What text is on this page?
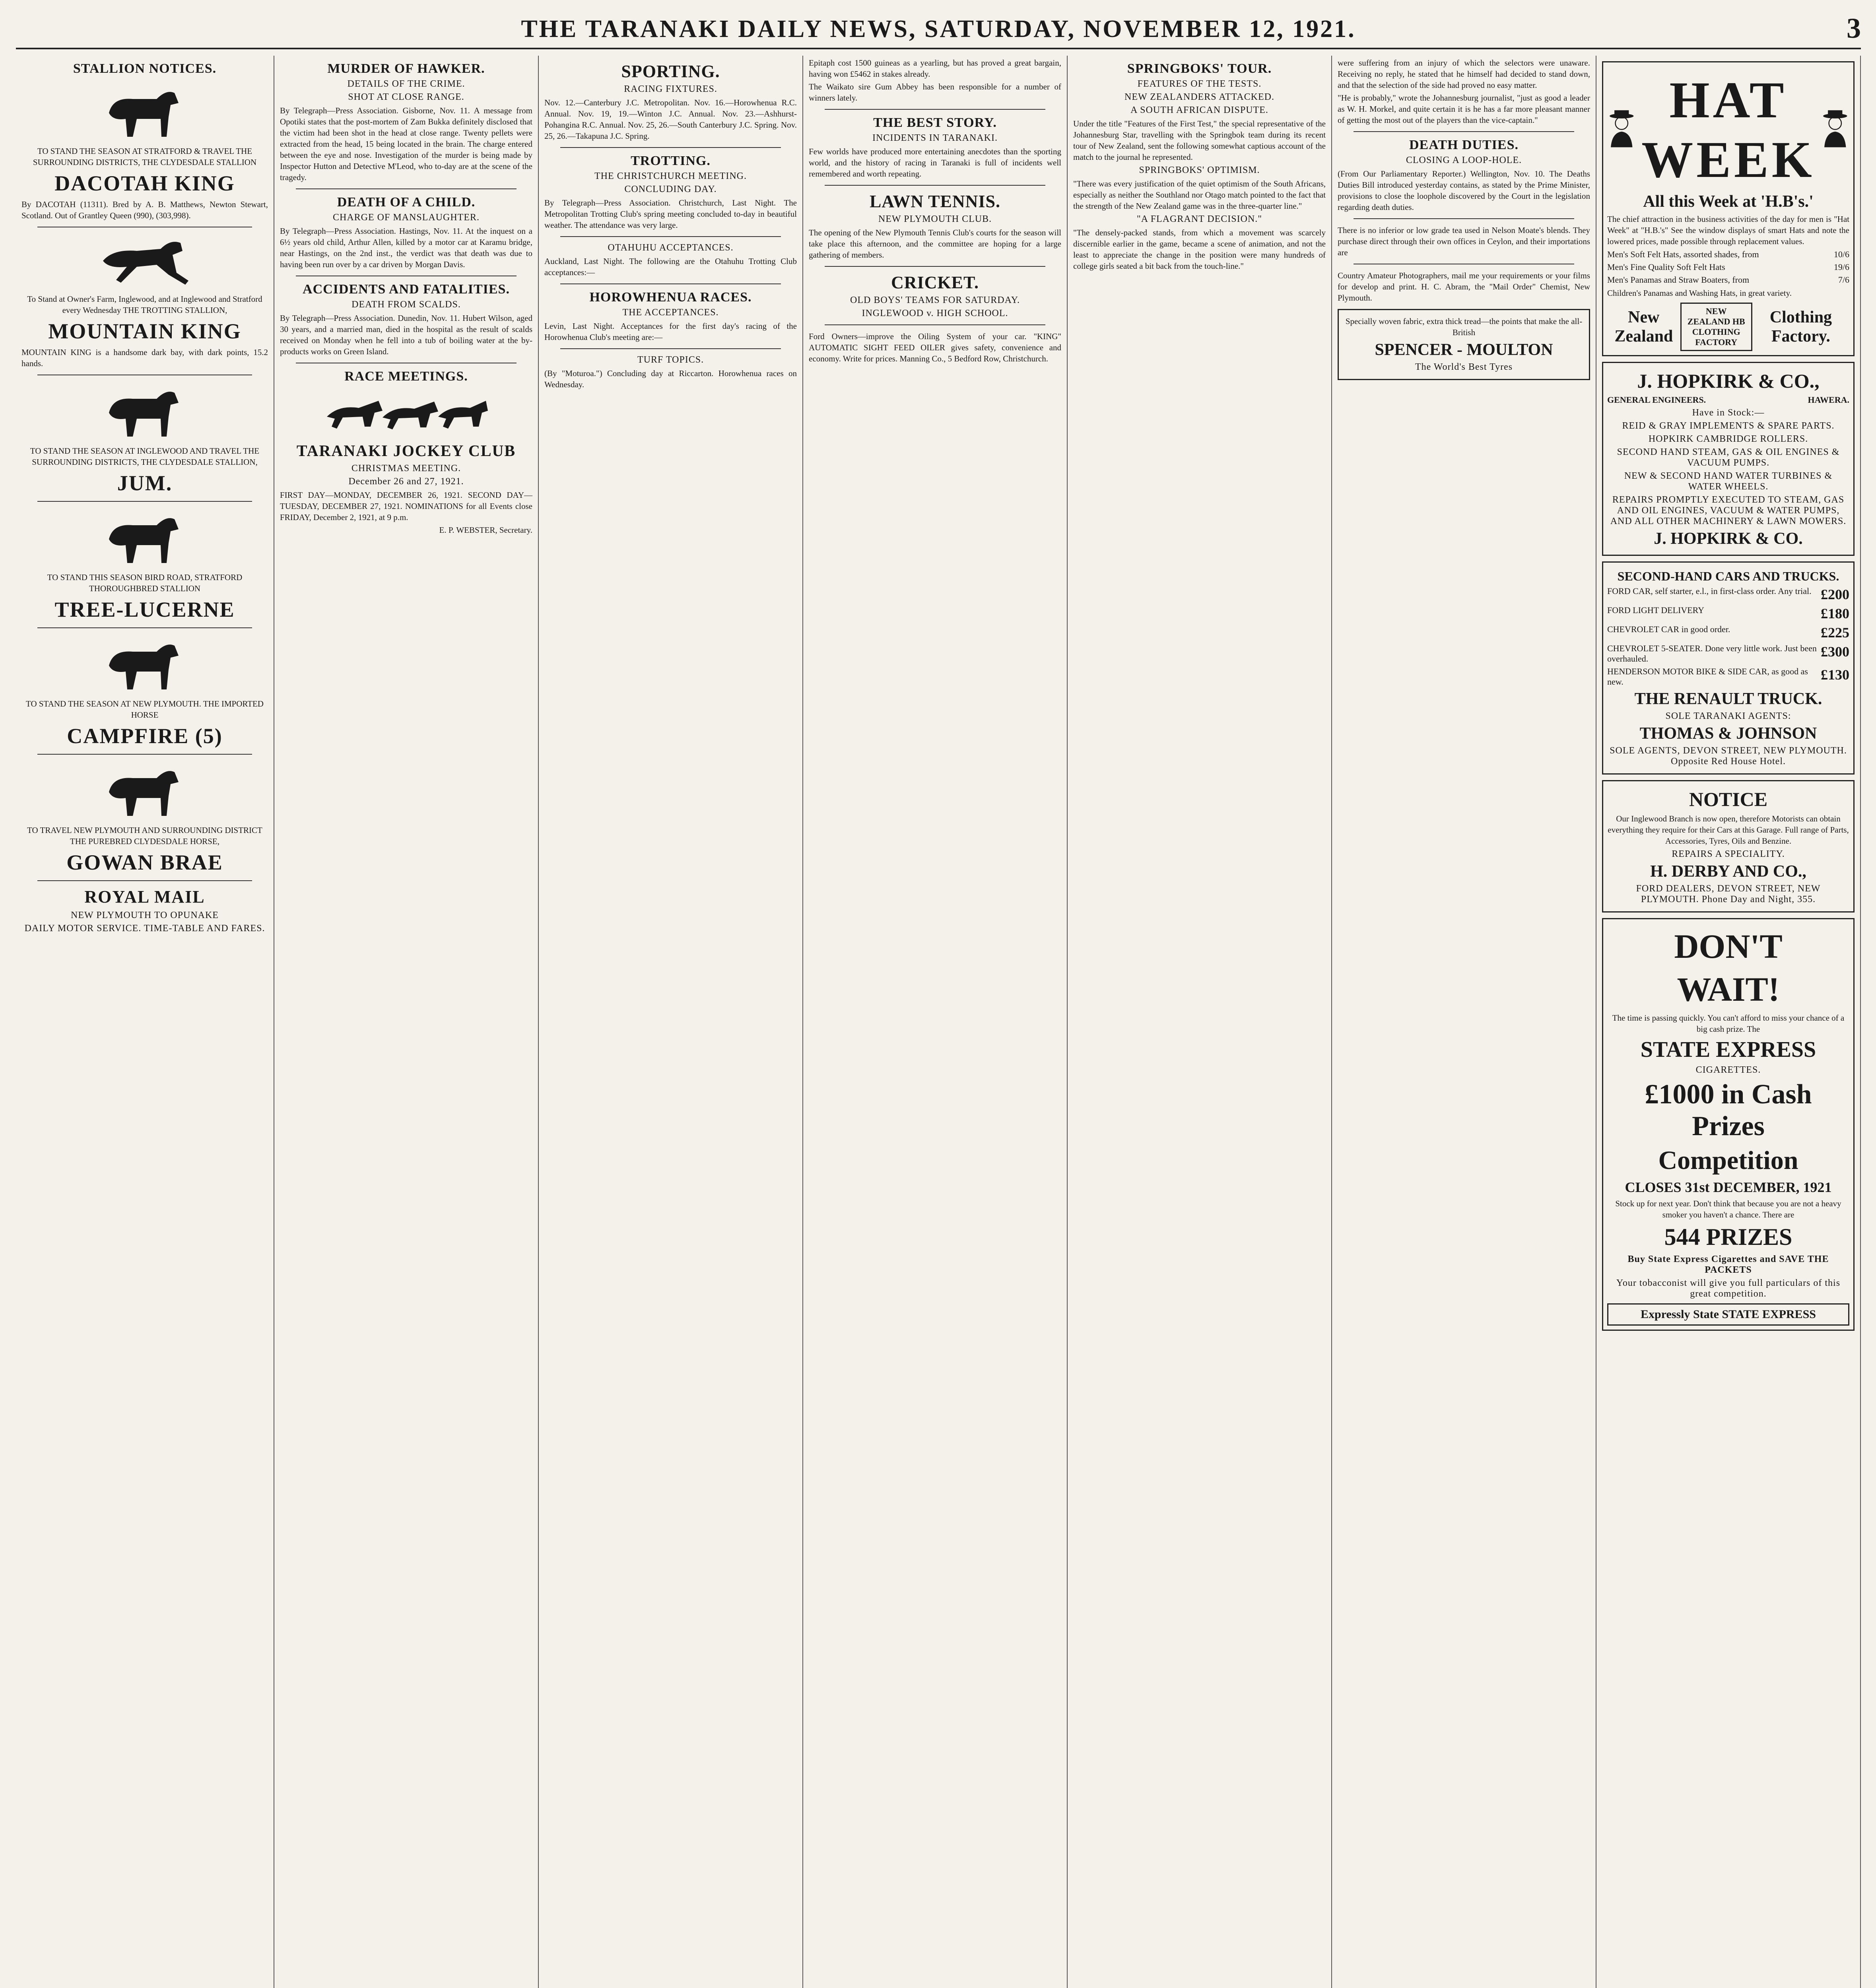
THE TARANAKI DAILY NEWS, SATURDAY, NOVEMBER 12, 1921.	3
STALLION NOTICES.
TO STAND THE SEASON AT STRATFORD & TRAVEL THE SURROUNDING DISTRICTS, THE CLYDESDALE STALLION
DACOTAH KING
By DACOTAH (11311). Bred by A. B. Matthews, Newton Stewart, Scotland. Out of Grantley Queen (990), (303,998).
To Stand at Owner's Farm, Inglewood, and at Inglewood and Stratford every Wednesday THE TROTTING STALLION,
MOUNTAIN KING
MOUNTAIN KING is a handsome dark bay, with dark points, 15.2 hands.
TO STAND THE SEASON AT INGLEWOOD AND TRAVEL THE SURROUNDING DISTRICTS, THE CLYDESDALE STALLION,
JUM.
TO STAND THIS SEASON BIRD ROAD, STRATFORD THOROUGHBRED STALLION
TREE-LUCERNE
TO STAND THE SEASON AT NEW PLYMOUTH. THE IMPORTED HORSE
CAMPFIRE (5)
TO TRAVEL NEW PLYMOUTH AND SURROUNDING DISTRICT THE PUREBRED CLYDESDALE HORSE,
GOWAN BRAE
ROYAL MAIL
NEW PLYMOUTH TO OPUNAKE
DAILY MOTOR SERVICE. TIME-TABLE AND FARES.
MURDER OF HAWKER.
DETAILS OF THE CRIME.
SHOT AT CLOSE RANGE.
By Telegraph—Press Association. Gisborne, Nov. 11. A message from Opotiki states that the post-mortem of Zam Bukka definitely disclosed that the victim had been shot in the head at close range. Twenty pellets were extracted from the head, 15 being located in the brain. The charge entered between the eye and nose. Investigation of the murder is being made by Inspector Hutton and Detective M'Leod, who to-day are at the scene of the tragedy.
DEATH OF A CHILD.
CHARGE OF MANSLAUGHTER.
By Telegraph—Press Association. Hastings, Nov. 11. At the inquest on a 6½ years old child, Arthur Allen, killed by a motor car at Karamu bridge, near Hastings, on the 2nd inst., the verdict was that death was due to having been run over by a car driven by Morgan Davis.
ACCIDENTS AND FATALITIES.
DEATH FROM SCALDS.
By Telegraph—Press Association. Dunedin, Nov. 11. Hubert Wilson, aged 30 years, and a married man, died in the hospital as the result of scalds received on Monday when he fell into a tub of boiling water at the by-products works on Green Island.
RACE MEETINGS.
TARANAKI JOCKEY CLUB
CHRISTMAS MEETING.
December 26 and 27, 1921.
FIRST DAY—MONDAY, DECEMBER 26, 1921. SECOND DAY—TUESDAY, DECEMBER 27, 1921. NOMINATIONS for all Events close FRIDAY, December 2, 1921, at 9 p.m.
E. P. WEBSTER, Secretary.
SPORTING.
RACING FIXTURES.
Nov. 12.—Canterbury J.C. Metropolitan. Nov. 16.—Horowhenua R.C. Annual. Nov. 19, 19.—Winton J.C. Annual. Nov. 23.—Ashhurst-Pohangina R.C. Annual. Nov. 25, 26.—South Canterbury J.C. Spring. Nov. 25, 26.—Takapuna J.C. Spring.
TROTTING.
THE CHRISTCHURCH MEETING.
CONCLUDING DAY.
By Telegraph—Press Association. Christchurch, Last Night. The Metropolitan Trotting Club's spring meeting concluded to-day in beautiful weather. The attendance was very large.
OTAHUHU ACCEPTANCES.
Auckland, Last Night. The following are the Otahuhu Trotting Club acceptances:—
HOROWHENUA RACES.
THE ACCEPTANCES.
Levin, Last Night. Acceptances for the first day's racing of the Horowhenua Club's meeting are:—
TURF TOPICS.
(By "Moturoa.") Concluding day at Riccarton. Horowhenua races on Wednesday.
Epitaph cost 1500 guineas as a yearling, but has proved a great bargain, having won £5462 in stakes already.
The Waikato sire Gum Abbey has been responsible for a number of winners lately.
THE BEST STORY.
INCIDENTS IN TARANAKI.
Few worlds have produced more entertaining anecdotes than the sporting world, and the history of racing in Taranaki is full of incidents well remembered and worth repeating.
LAWN TENNIS.
NEW PLYMOUTH CLUB.
The opening of the New Plymouth Tennis Club's courts for the season will take place this afternoon, and the committee are hoping for a large gathering of members.
CRICKET.
OLD BOYS' TEAMS FOR SATURDAY.
INGLEWOOD v. HIGH SCHOOL.
Ford Owners—improve the Oiling System of your car. "KING" AUTOMATIC SIGHT FEED OILER gives safety, convenience and economy. Write for prices. Manning Co., 5 Bedford Row, Christchurch.
SPRINGBOKS' TOUR.
FEATURES OF THE TESTS.
NEW ZEALANDERS ATTACKED.
A SOUTH AFRICAN DISPUTE.
Under the title "Features of the First Test," the special representative of the Johannesburg Star, travelling with the Springbok team during its recent tour of New Zealand, sent the following somewhat captious account of the match to the journal he represented.
SPRINGBOKS' OPTIMISM.
"There was every justification of the quiet optimism of the South Africans, especially as neither the Southland nor Otago match pointed to the fact that the strength of the New Zealand game was in the three-quarter line."
"A FLAGRANT DECISION."
"The densely-packed stands, from which a movement was scarcely discernible earlier in the game, became a scene of animation, and not the least to appreciate the change in the position were many hundreds of college girls seated a bit back from the touch-line."
were suffering from an injury of which the selectors were unaware. Receiving no reply, he stated that he himself had decided to stand down, and that the selection of the side had proved no easy matter.
"He is probably," wrote the Johannesburg journalist, "just as good a leader as W. H. Morkel, and quite certain it is he has a far more pleasant manner of getting the most out of the players than the vice-captain."
DEATH DUTIES.
CLOSING A LOOP-HOLE.
(From Our Parliamentary Reporter.) Wellington, Nov. 10. The Deaths Duties Bill introduced yesterday contains, as stated by the Prime Minister, provisions to close the loophole discovered by the Court in the legislation regarding death duties.
There is no inferior or low grade tea used in Nelson Moate's blends. They purchase direct through their own offices in Ceylon, and their importations are
Country Amateur Photographers, mail me your requirements or your films for develop and print. H. C. Abram, the "Mail Order" Chemist, New Plymouth.
Specially woven fabric, extra thick tread—the points that make the all-British
SPENCER - MOULTON
The World's Best Tyres
HAT WEEK
All this Week at 'H.B's.'
The chief attraction in the business activities of the day for men is "Hat Week" at "H.B.'s" See the window displays of smart Hats and note the lowered prices, made possible through replacement values.
Men's Soft Felt Hats, assorted shades, from	10/6
Men's Fine Quality Soft Felt Hats	19/6
Men's Panamas and Straw Boaters, from	7/6
Children's Panamas and Washing Hats, in great variety.
New Zealand
NEW ZEALAND HB CLOTHING FACTORY
Clothing Factory.
J. HOPKIRK & CO.,
GENERAL ENGINEERS.	HAWERA.
Have in Stock:—
REID & GRAY IMPLEMENTS & SPARE PARTS.
HOPKIRK CAMBRIDGE ROLLERS.
SECOND HAND STEAM, GAS & OIL ENGINES & VACUUM PUMPS.
NEW & SECOND HAND WATER TURBINES & WATER WHEELS.
REPAIRS PROMPTLY EXECUTED TO STEAM, GAS AND OIL ENGINES, VACUUM & WATER PUMPS, AND ALL OTHER MACHINERY & LAWN MOWERS.
J. HOPKIRK & CO.
SECOND-HAND CARS AND TRUCKS.
FORD CAR, self starter, e.l., in first-class order. Any trial. £200
FORD LIGHT DELIVERY	£180
CHEVROLET CAR in good order.	£225
CHEVROLET 5-SEATER. Done very little work. Just been overhauled.	£300
HENDERSON MOTOR BIKE & SIDE CAR, as good as new.	£130
THE RENAULT TRUCK.
SOLE TARANAKI AGENTS:
THOMAS & JOHNSON
SOLE AGENTS, DEVON STREET, NEW PLYMOUTH. Opposite Red House Hotel.
NOTICE
Our Inglewood Branch is now open, therefore Motorists can obtain everything they require for their Cars at this Garage. Full range of Parts, Accessories, Tyres, Oils and Benzine.
REPAIRS A SPECIALITY.
H. DERBY AND CO.,
FORD DEALERS, DEVON STREET, NEW PLYMOUTH. Phone Day and Night, 355.
DON'T
WAIT!
The time is passing quickly. You can't afford to miss your chance of a big cash prize. The
STATE EXPRESS
CIGARETTES.
£1000 in Cash Prizes
Competition
CLOSES 31st DECEMBER, 1921
Stock up for next year. Don't think that because you are not a heavy smoker you haven't a chance. There are
544 PRIZES
Buy State Express Cigarettes and SAVE THE PACKETS
Your tobacconist will give you full particulars of this great competition.
Expressly State STATE EXPRESS
